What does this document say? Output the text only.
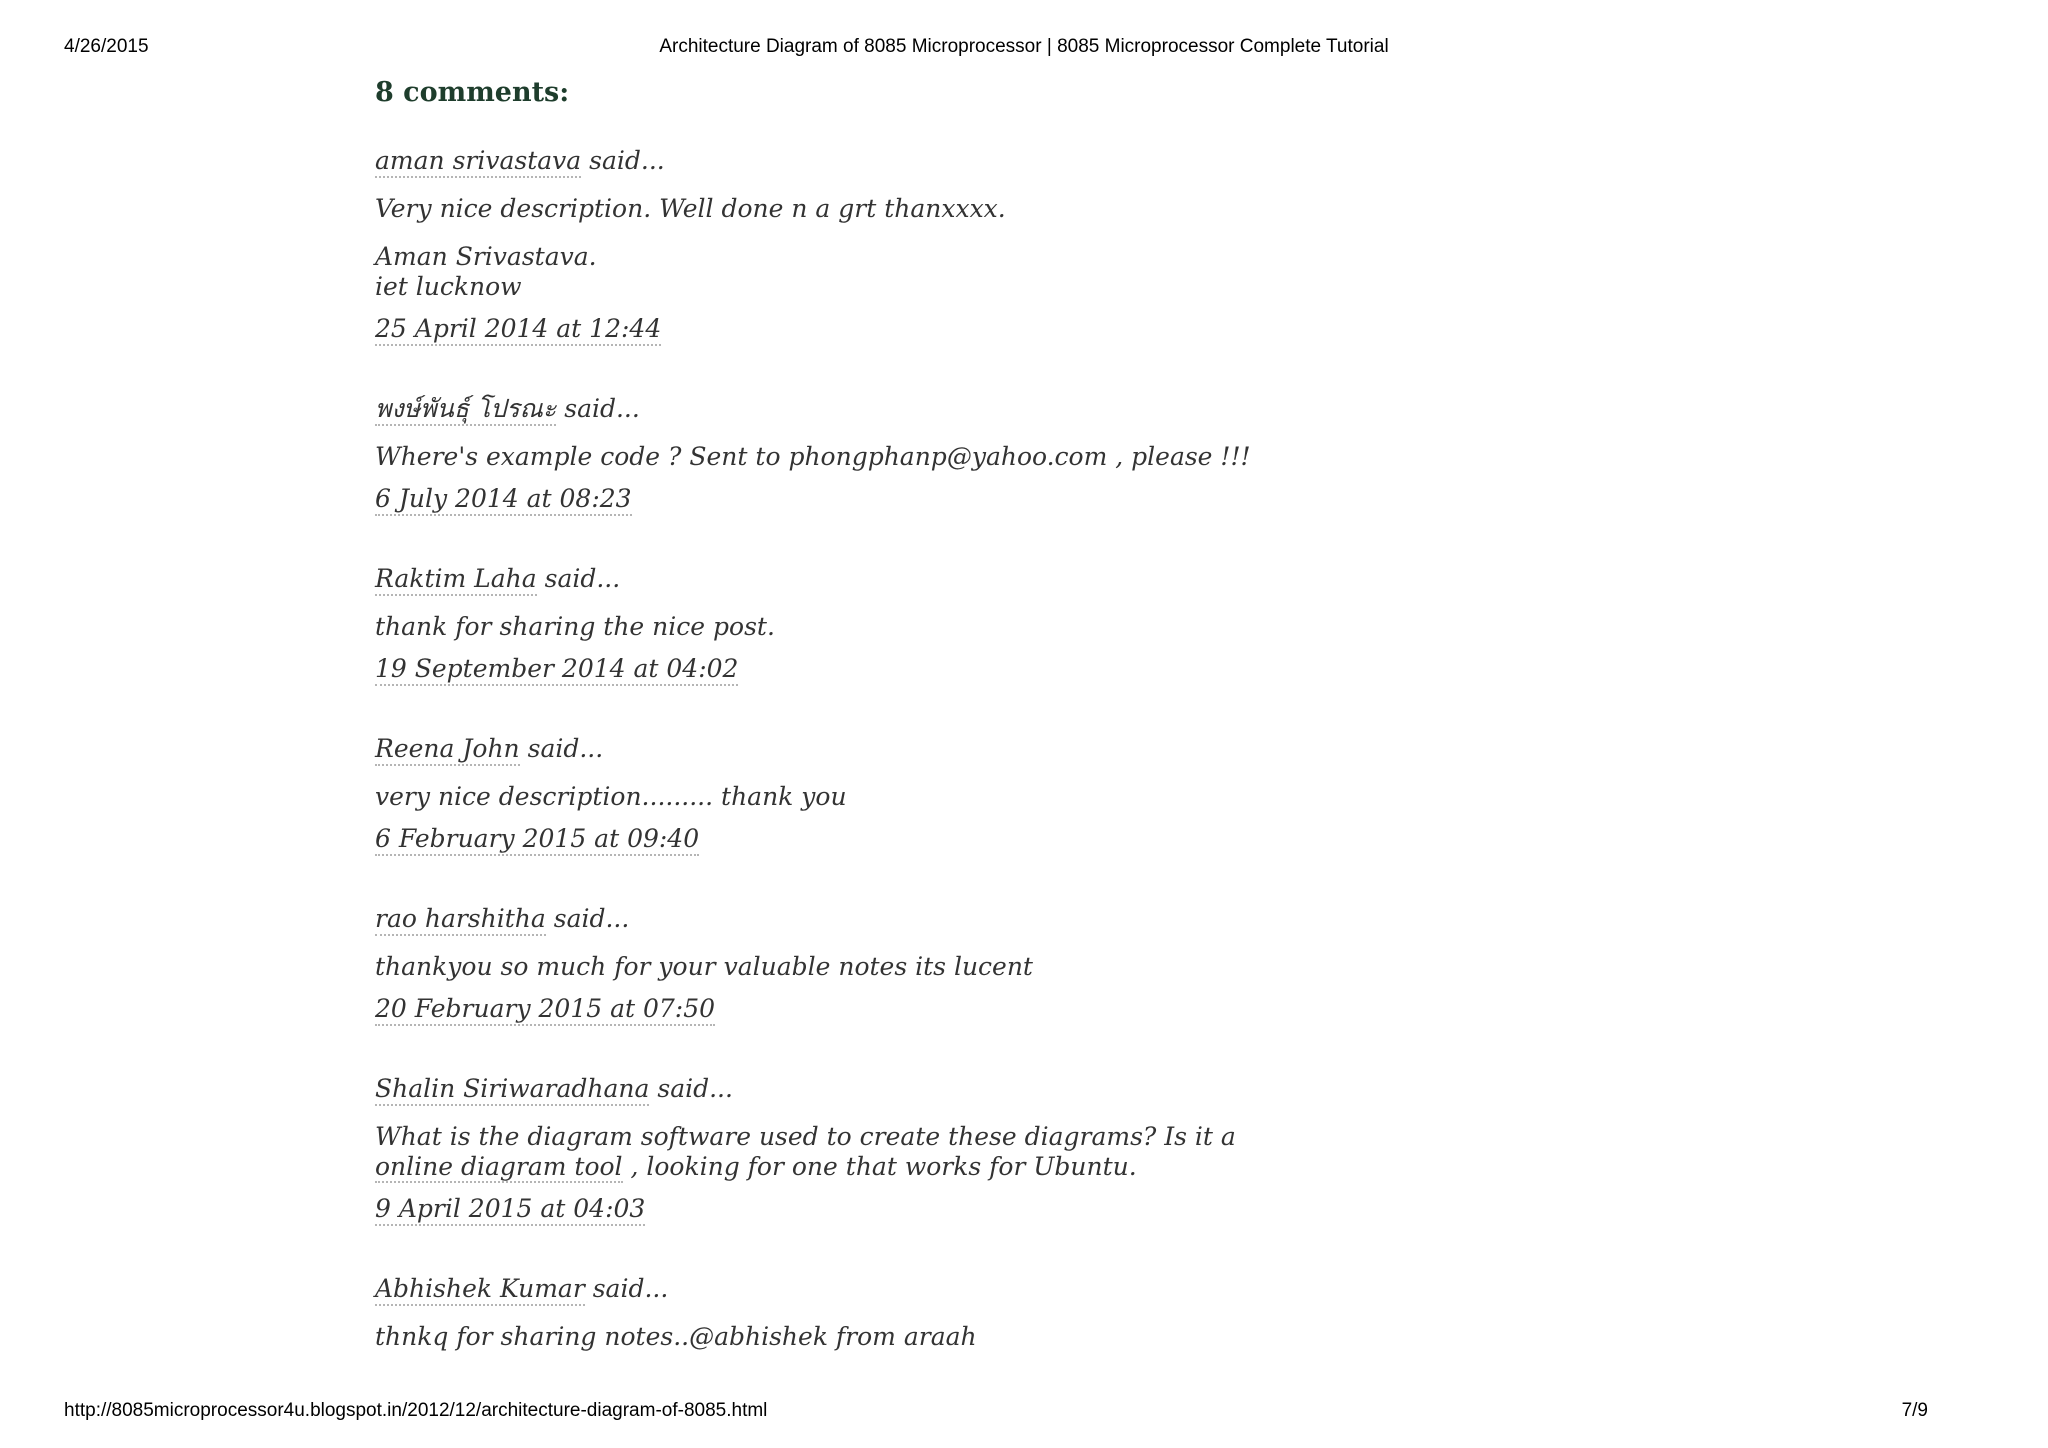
4/26/2015	Architecture Diagram of 8085 Microprocessor | 8085 Microprocessor Complete Tutorial
8 comments:
aman srivastava said...

Very nice description. Well done n a grt thanxxxx.

Aman Srivastava.
iet lucknow

25 April 2014 at 12:44
พงษ์พันธุ์ โปรณะ said...

Where's example code ? Sent to phongphanp@yahoo.com , please !!!

6 July 2014 at 08:23
Raktim Laha said...

thank for sharing the nice post.

19 September 2014 at 04:02
Reena John said...

very nice description......... thank you

6 February 2015 at 09:40
rao harshitha said...

thankyou so much for your valuable notes its lucent

20 February 2015 at 07:50
Shalin Siriwaradhana said...

What is the diagram software used to create these diagrams? Is it a online diagram tool , looking for one that works for Ubuntu.

9 April 2015 at 04:03
Abhishek Kumar said...

thnkq for sharing notes..@abhishek from araah

http://8085microprocessor4u.blogspot.in/2012/12/architecture-diagram-of-8085.html	7/9
